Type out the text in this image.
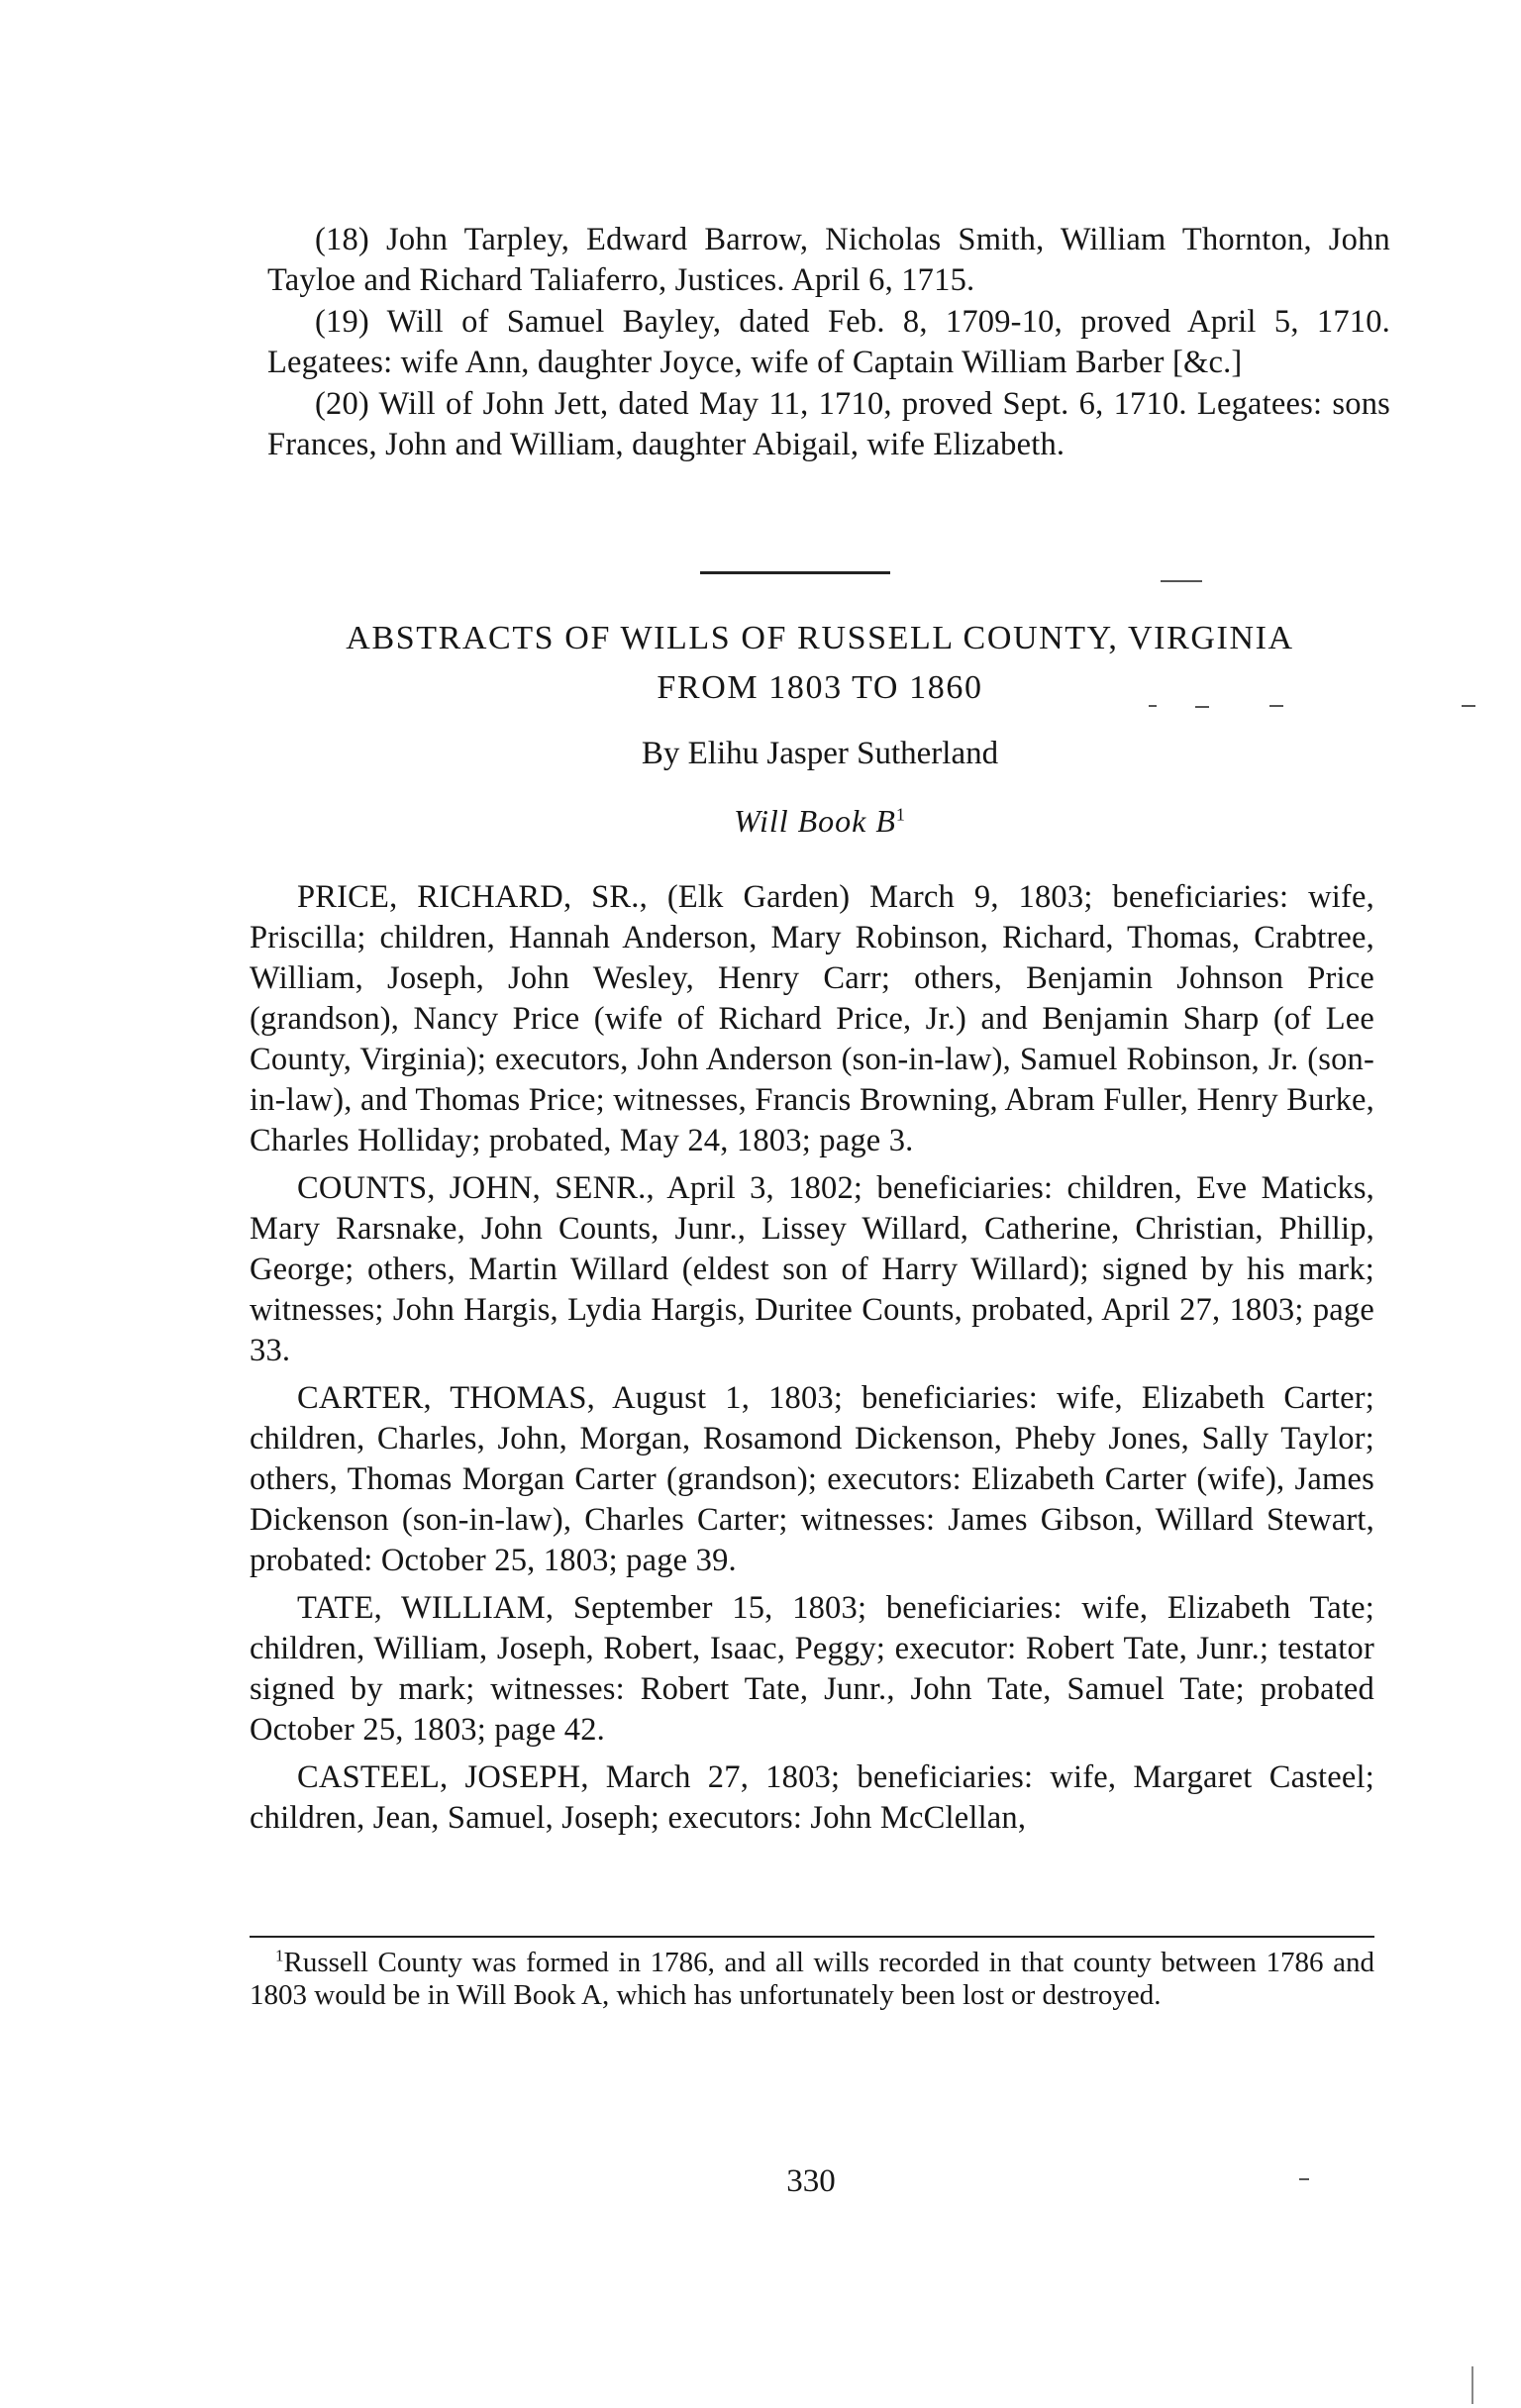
(18) John Tarpley, Edward Barrow, Nicholas Smith, William Thornton, John Tayloe and Richard Taliaferro, Justices. April 6, 1715.

(19) Will of Samuel Bayley, dated Feb. 8, 1709-10, proved April 5, 1710. Legatees: wife Ann, daughter Joyce, wife of Captain William Barber [&c.]

(20) Will of John Jett, dated May 11, 1710, proved Sept. 6, 1710. Legatees: sons Frances, John and William, daughter Abigail, wife Elizabeth.

ABSTRACTS OF WILLS OF RUSSELL COUNTY, VIRGINIA
FROM 1803 TO 1860
By Elihu Jasper Sutherland
Will Book $B^1$

PRICE, RICHARD, SR., (Elk Garden) March 9, 1803; beneficiaries: wife, Priscilla; children, Hannah Anderson, Mary Robinson, Richard, Thomas, Crabtree, William, Joseph, John Wesley, Henry Carr; others, Benjamin Johnson Price (grandson), Nancy Price (wife of Richard Price, Jr.) and Benjamin Sharp (of Lee County, Virginia); executors, John Anderson (son-in-law), Samuel Robinson, Jr. (son-in-law), and Thomas Price; witnesses, Francis Browning, Abram Fuller, Henry Burke, Charles Holliday; probated, May 24, 1803; page 3.

COUNTS, JOHN, SENR., April 3, 1802; beneficiaries: children, Eve Maticks, Mary Rarsnake, John Counts, Junr., Lissey Willard, Catherine, Christian, Phillip, George; others, Martin Willard (eldest son of Harry Willard); signed by his mark; witnesses; John Hargis, Lydia Hargis, Duritee Counts, probated, April 27, 1803; page 33.

CARTER, THOMAS, August 1, 1803; beneficiaries: wife, Elizabeth Carter; children, Charles, John, Morgan, Rosamond Dickenson, Pheby Jones, Sally Taylor; others, Thomas Morgan Carter (grandson); executors: Elizabeth Carter (wife), James Dickenson (son-in-law), Charles Carter; witnesses: James Gibson, Willard Stewart, probated: October 25, 1803; page 39.

TATE, WILLIAM, September 15, 1803; beneficiaries: wife, Elizabeth Tate; children, William, Joseph, Robert, Isaac, Peggy; executor: Robert Tate, Junr.; testator signed by mark; witnesses: Robert Tate, Junr., John Tate, Samuel Tate; probated October 25, 1803; page 42.

CASTEEL, JOSEPH, March 27, 1803; beneficiaries: wife, Margaret Casteel; children, Jean, Samuel, Joseph; executors: John McClellan,

$^1$Russell County was formed in 1786, and all wills recorded in that county between 1786 and 1803 would be in Will Book A, which has unfortunately been lost or destroyed.

330
